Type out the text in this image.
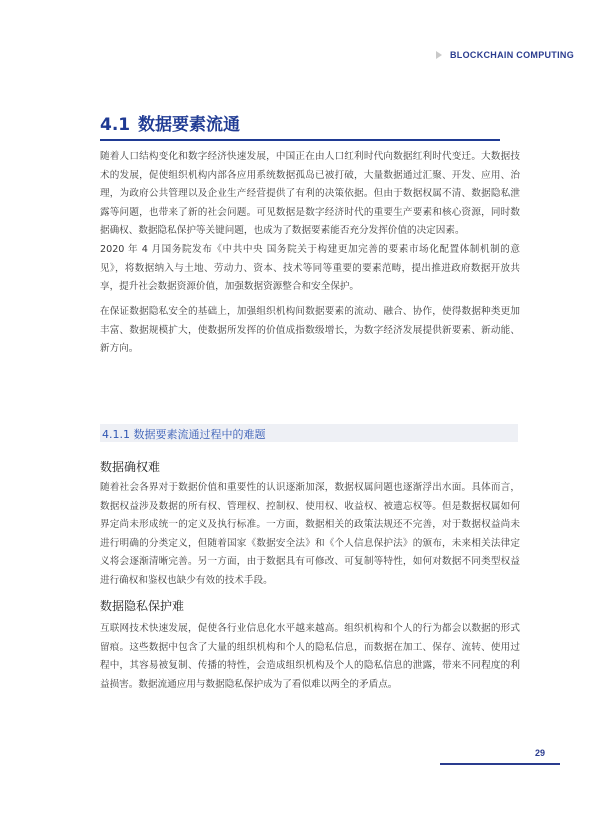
BLOCKCHAIN COMPUTING
4.1 数据要素流通

随着人口结构变化和数字经济快速发展，中国正在由人口红利时代向数据红利时代变迁。大数据技术的发展，促使组织机构内部各应用系统数据孤岛已被打破，大量数据通过汇聚、开发、应用、治理，为政府公共管理以及企业生产经营提供了有利的决策依据。但由于数据权属不清、数据隐私泄露等问题，也带来了新的社会问题。可见数据是数字经济时代的重要生产要素和核心资源，同时数据确权、数据隐私保护等关键问题，也成为了数据要素能否充分发挥价值的决定因素。

2020 年 4 月国务院发布《中共中央 国务院关于构建更加完善的要素市场化配置体制机制的意见》，将数据纳入与土地、劳动力、资本、技术等同等重要的要素范畴，提出推进政府数据开放共享，提升社会数据资源价值，加强数据资源整合和安全保护。

在保证数据隐私安全的基础上，加强组织机构间数据要素的流动、融合、协作，使得数据种类更加丰富、数据规模扩大，使数据所发挥的价值成指数级增长，为数字经济发展提供新要素、新动能、新方向。

4.1.1 数据要素流通过程中的难题
数据确权难

随着社会各界对于数据价值和重要性的认识逐渐加深，数据权属问题也逐渐浮出水面。具体而言，数据权益涉及数据的所有权、管理权、控制权、使用权、收益权、被遗忘权等。但是数据权属如何界定尚未形成统一的定义及执行标准。一方面，数据相关的政策法规还不完善，对于数据权益尚未进行明确的分类定义，但随着国家《数据安全法》和《个人信息保护法》的颁布，未来相关法律定义将会逐渐清晰完善。另一方面，由于数据具有可修改、可复制等特性，如何对数据不同类型权益进行确权和鉴权也缺少有效的技术手段。

数据隐私保护难

互联网技术快速发展，促使各行业信息化水平越来越高。组织机构和个人的行为都会以数据的形式留痕。这些数据中包含了大量的组织机构和个人的隐私信息，而数据在加工、保存、流转、使用过程中，其容易被复制、传播的特性，会造成组织机构及个人的隐私信息的泄露，带来不同程度的利益损害。数据流通应用与数据隐私保护成为了看似难以两全的矛盾点。

29
